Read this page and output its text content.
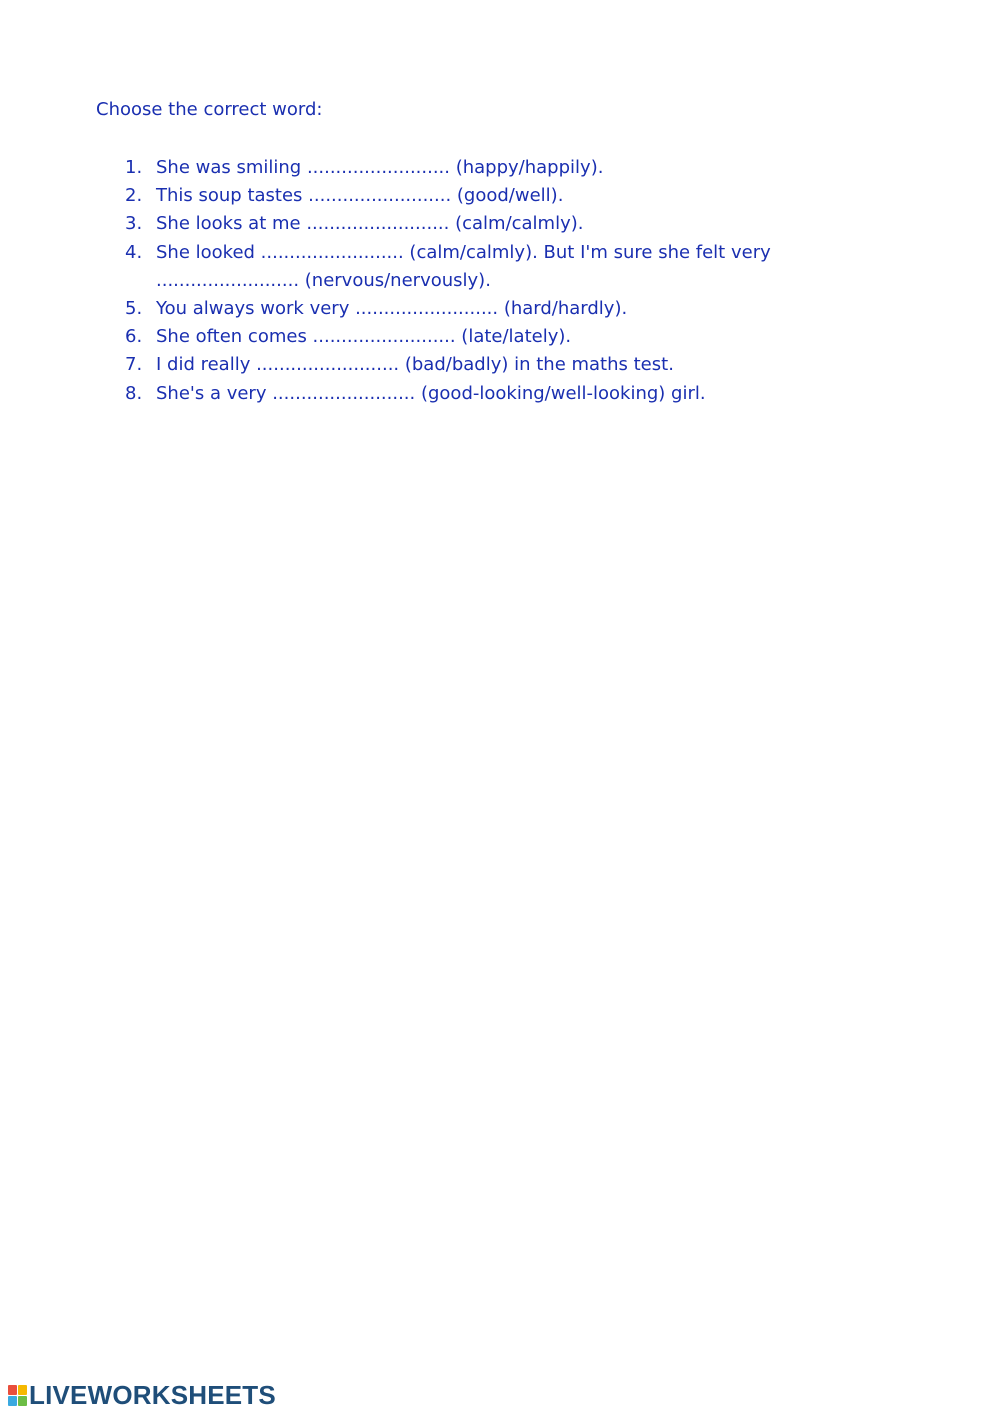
Choose the correct word:
1. She was smiling ......................... (happy/happily).
2. This soup tastes ......................... (good/well).
3. She looks at me ......................... (calm/calmly).
4. She looked ......................... (calm/calmly). But I'm sure she felt very
......................... (nervous/nervously).
5. You always work very ......................... (hard/hardly).
6. She often comes ......................... (late/lately).
7. I did really ......................... (bad/badly) in the maths test.
8. She's a very ......................... (good-looking/well-looking) girl.
LIVEWORKSHEETS
